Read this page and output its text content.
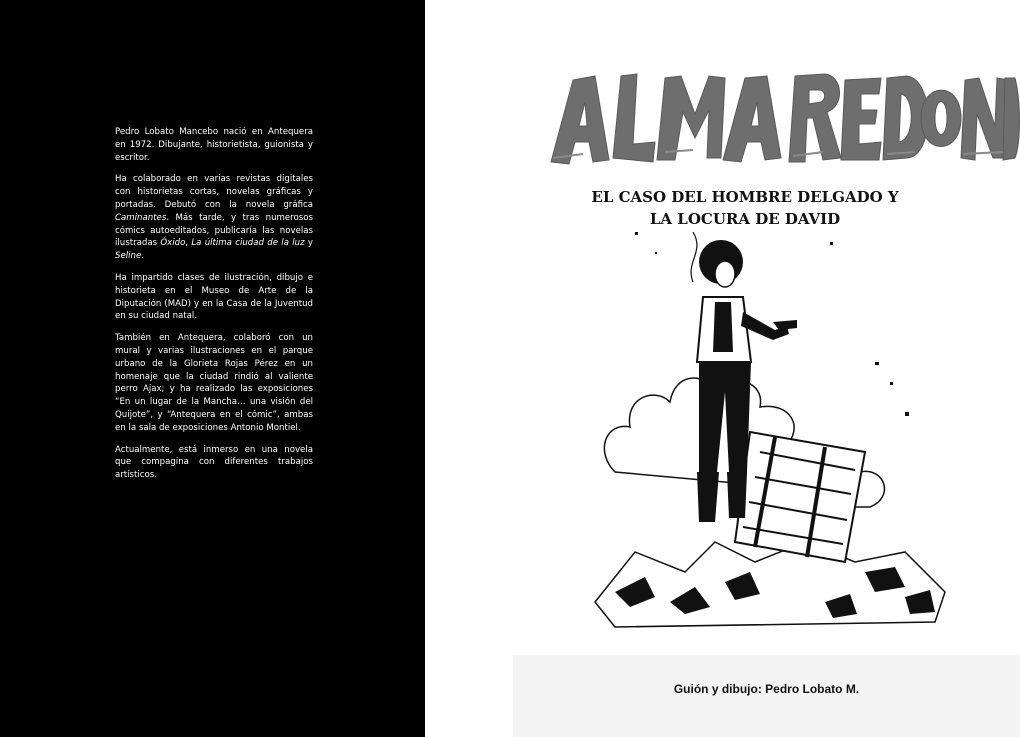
Pedro Lobato Mancebo nació en Antequera en 1972. Dibujante, historietista, guionista y escritor.

Ha colaborado en varias revistas digitales con historietas cortas, novelas gráficas y portadas. Debutó con la novela gráfica Caminantes. Más tarde, y tras numerosos cómics autoeditados, publicaría las novelas ilustradas Óxido, La última ciudad de la luz y Seline.

Ha impartido clases de ilustración, dibujo e historieta en el Museo de Arte de la Diputación (MAD) y en la Casa de la Juventud en su ciudad natal.

También en Antequera, colaboró con un mural y varias ilustraciones en el parque urbano de la Glorieta Rojas Pérez en un homenaje que la ciudad rindió al valiente perro Ajax; y ha realizado las exposiciones “En un lugar de la Mancha… una visión del Quijote”, y “Antequera en el cómic”, ambas en la sala de exposiciones Antonio Montiel.

Actualmente, está inmerso en una novela que compagina con diferentes trabajos artísticos.

EL CASO DEL HOMBRE DELGADO Y
LA LOCURA DE DAVID
Guión y dibujo: Pedro Lobato M.
